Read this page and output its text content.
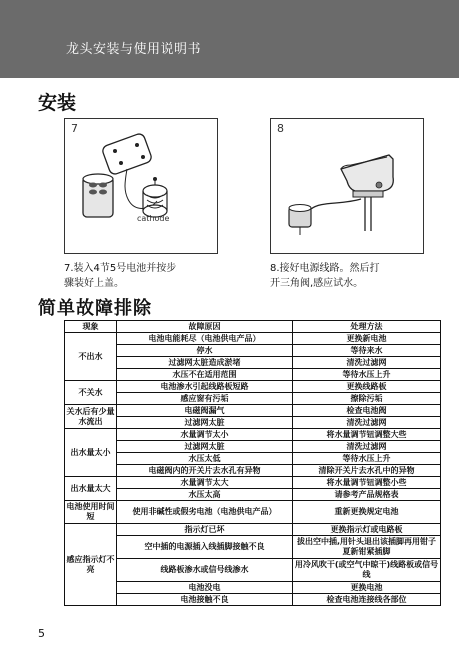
龙头安装与使用说明书
安装
7
cathode
8
7.装入4节5号电池并按步
骤装好上盖。
8.接好电源线路。然后打
开三角阀,感应试水。
简单故障排除
现象	故障原因	处理方法
不出水	电池电能耗尽（电池供电产品）	更换新电池
	停水	等待来水
	过滤网太脏造成淤堵	清洗过滤网
	水压不在适用范围	等待水压上升
不关水	电池渗水引起线路板短路	更换线路板
	感应窗有污垢	擦除污垢
关水后有少量水流出	电磁阀漏气	检查电池阀
	过滤网太脏	清洗过滤网
出水量太小	水量调节太小	将水量调节钮调整大些
	过滤网太脏	清洗过滤网
	水压太低	等待水压上升
	电磁阀内的开关片去水孔有异物	清除开关片去水孔中的异物
出水量太大	水量调节太大	将水量调节钮调整小些
	水压太高	请参考产品规格表
电池使用时间短	使用非碱性或假劣电池（电池供电产品）	重新更换规定电池
感应指示灯不亮	指示灯已坏	更换指示灯或电路板
	空中插的电源插入线插脚接触不良	拔出空中插,用针头退出该插脚再用钳子夏新钳紧插脚
	线路板渗水或信号线渗水	用冷风吹干(或空气中晾干)线路板或信号线
	电池没电	更换电池
	电池接触不良	检查电池连接线各部位
5
